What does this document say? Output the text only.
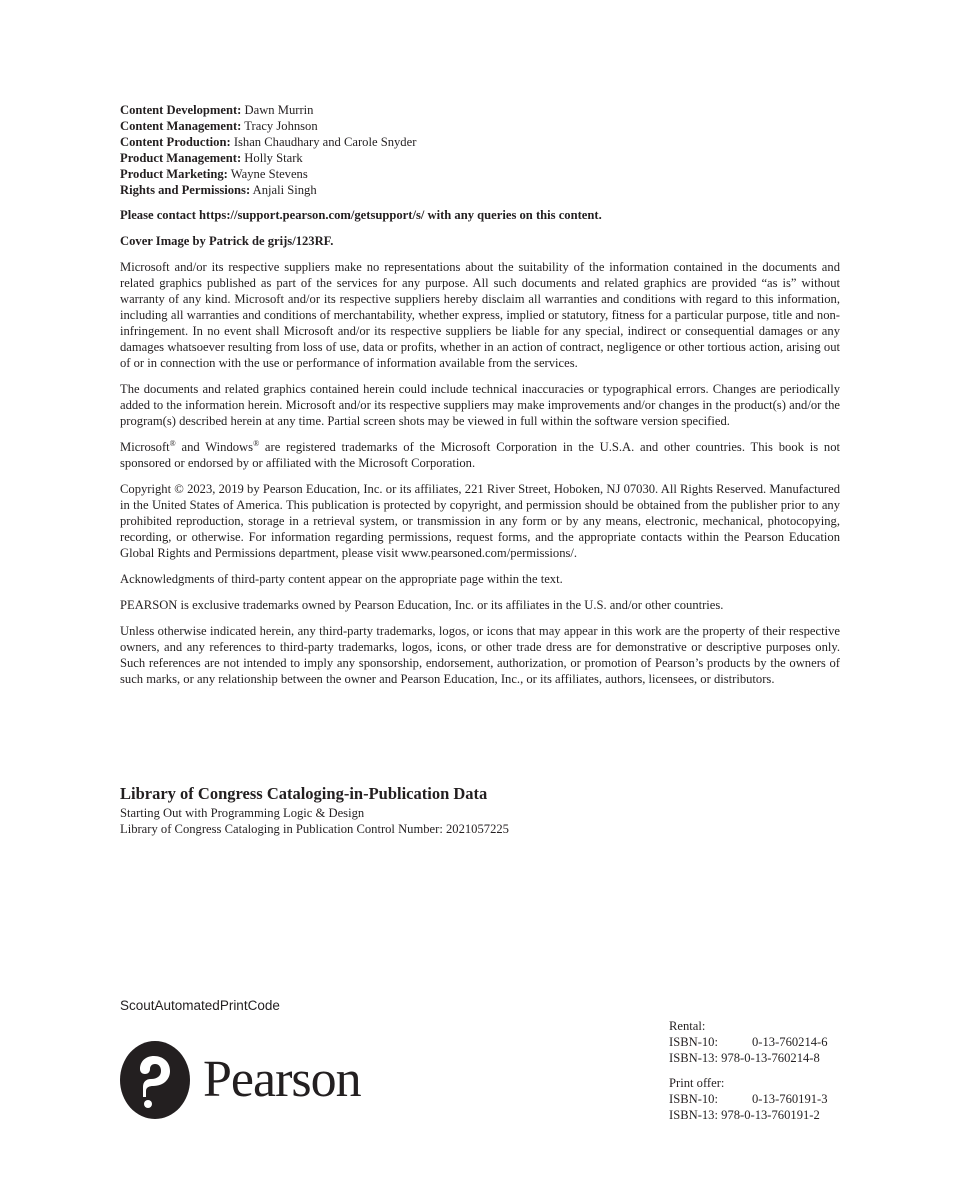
Content Development: Dawn Murrin
Content Management: Tracy Johnson
Content Production: Ishan Chaudhary and Carole Snyder
Product Management: Holly Stark
Product Marketing: Wayne Stevens
Rights and Permissions: Anjali Singh

Please contact https://support.pearson.com/getsupport/s/ with any queries on this content.

Cover Image by Patrick de grijs/123RF.

Microsoft and/or its respective suppliers make no representations about the suitability of the information contained in the documents and related graphics published as part of the services for any purpose. All such documents and related graphics are provided “as is” without warranty of any kind. Microsoft and/or its respective suppliers hereby disclaim all warranties and conditions with regard to this information, including all warranties and conditions of merchantability, whether express, implied or statutory, fitness for a particular purpose, title and non-infringement. In no event shall Microsoft and/or its respective suppliers be liable for any special, indirect or consequential damages or any damages whatsoever resulting from loss of use, data or profits, whether in an action of contract, negligence or other tortious action, arising out of or in connection with the use or performance of information available from the services.

The documents and related graphics contained herein could include technical inaccuracies or typographical errors. Changes are periodically added to the information herein. Microsoft and/or its respective suppliers may make improvements and/or changes in the product(s) and/or the program(s) described herein at any time. Partial screen shots may be viewed in full within the software version specified.

Microsoft® and Windows® are registered trademarks of the Microsoft Corporation in the U.S.A. and other countries. This book is not sponsored or endorsed by or affiliated with the Microsoft Corporation.

Copyright © 2023, 2019 by Pearson Education, Inc. or its affiliates, 221 River Street, Hoboken, NJ 07030. All Rights Reserved. Manufactured in the United States of America. This publication is protected by copyright, and permission should be obtained from the publisher prior to any prohibited reproduction, storage in a retrieval system, or transmission in any form or by any means, electronic, mechanical, photocopying, recording, or otherwise. For information regarding permissions, request forms, and the appropriate contacts within the Pearson Education Global Rights and Permissions department, please visit www.pearsoned.com/permissions/.

Acknowledgments of third-party content appear on the appropriate page within the text.

PEARSON is exclusive trademarks owned by Pearson Education, Inc. or its affiliates in the U.S. and/or other countries.

Unless otherwise indicated herein, any third-party trademarks, logos, or icons that may appear in this work are the property of their respective owners, and any references to third-party trademarks, logos, icons, or other trade dress are for demonstrative or descriptive purposes only. Such references are not intended to imply any sponsorship, endorsement, authorization, or promotion of Pearson’s products by the owners of such marks, or any relationship between the owner and Pearson Education, Inc., or its affiliates, authors, licensees, or distributors.

Library of Congress Cataloging-in-Publication Data
Starting Out with Programming Logic & Design
Library of Congress Cataloging in Publication Control Number: 2021057225
ScoutAutomatedPrintCode
Pearson
Rental:
ISBN-10:	0-13-760214-6
ISBN-13:
978-0-13-760214-8
Print offer:
ISBN-10:	0-13-760191-3
ISBN-13:
978-0-13-760191-2
